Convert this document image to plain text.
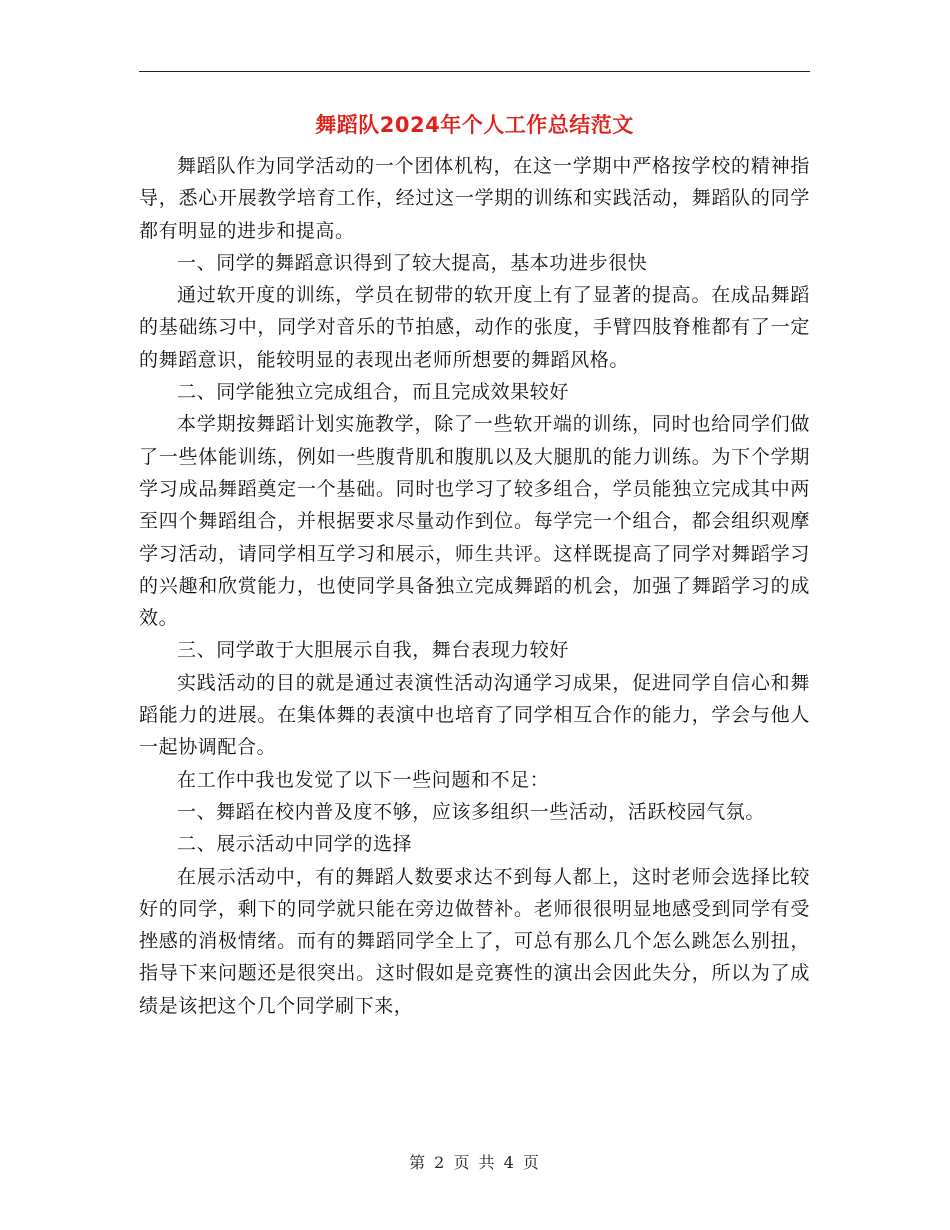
舞蹈队2024年个人工作总结范文

舞蹈队作为同学活动的一个团体机构，在这一学期中严格按学校的精神指导，悉心开展教学培育工作，经过这一学期的训练和实践活动，舞蹈队的同学都有明显的进步和提高。

一、同学的舞蹈意识得到了较大提高，基本功进步很快

通过软开度的训练，学员在韧带的软开度上有了显著的提高。在成品舞蹈的基础练习中，同学对音乐的节拍感，动作的张度，手臂四肢脊椎都有了一定的舞蹈意识，能较明显的表现出老师所想要的舞蹈风格。

二、同学能独立完成组合，而且完成效果较好

本学期按舞蹈计划实施教学，除了一些软开端的训练，同时也给同学们做了一些体能训练，例如一些腹背肌和腹肌以及大腿肌的能力训练。为下个学期学习成品舞蹈奠定一个基础。同时也学习了较多组合，学员能独立完成其中两至四个舞蹈组合，并根据要求尽量动作到位。每学完一个组合，都会组织观摩学习活动，请同学相互学习和展示，师生共评。这样既提高了同学对舞蹈学习的兴趣和欣赏能力，也使同学具备独立完成舞蹈的机会，加强了舞蹈学习的成效。

三、同学敢于大胆展示自我，舞台表现力较好

实践活动的目的就是通过表演性活动沟通学习成果，促进同学自信心和舞蹈能力的进展。在集体舞的表演中也培育了同学相互合作的能力，学会与他人一起协调配合。

在工作中我也发觉了以下一些问题和不足：

一、舞蹈在校内普及度不够，应该多组织一些活动，活跃校园气氛。

二、展示活动中同学的选择

在展示活动中，有的舞蹈人数要求达不到每人都上，这时老师会选择比较好的同学，剩下的同学就只能在旁边做替补。老师很很明显地感受到同学有受挫感的消极情绪。而有的舞蹈同学全上了，可总有那么几个怎么跳怎么别扭，指导下来问题还是很突出。这时假如是竞赛性的演出会因此失分，所以为了成绩是该把这个几个同学刷下来，

第 2 页 共 4 页
